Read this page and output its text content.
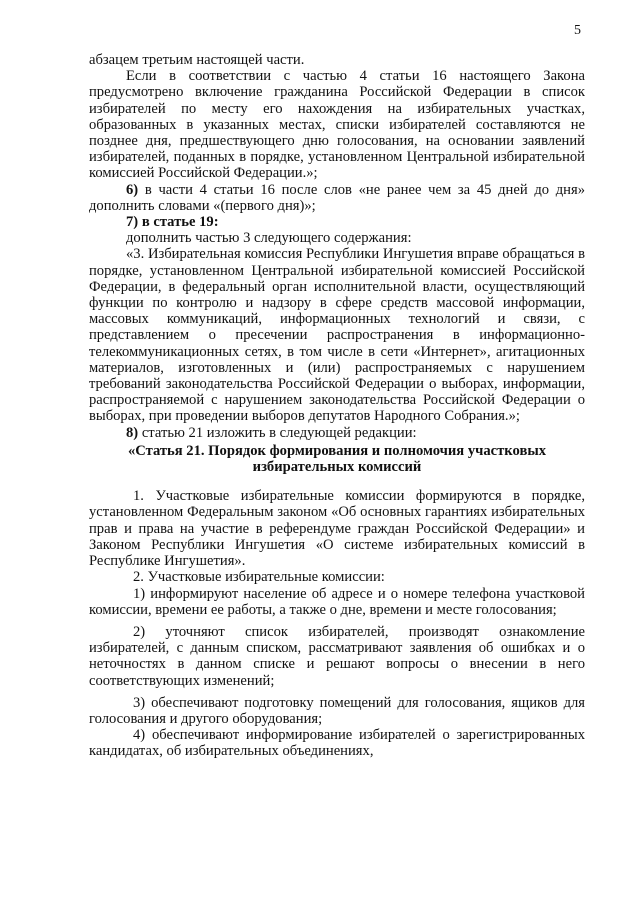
5

абзацем третьим настоящей части.

Если в соответствии с частью 4 статьи 16 настоящего Закона предусмотрено включение гражданина Российской Федерации в список избирателей по месту его нахождения на избирательных участках, образованных в указанных местах, списки избирателей составляются не позднее дня, предшествующего дню голосования, на основании заявлений избирателей, поданных в порядке, установленном Центральной избирательной комиссией Российской Федерации.»;

6) в части 4 статьи 16 после слов «не ранее чем за 45 дней до дня» дополнить словами «(первого дня)»;

7) в статье 19:

дополнить частью 3 следующего содержания:

«3. Избирательная комиссия Республики Ингушетия вправе обращаться в порядке, установленном Центральной избирательной комиссией Российской Федерации, в федеральный орган исполнительной власти, осуществляющий функции по контролю и надзору в сфере средств массовой информации, массовых коммуникаций, информационных технологий и связи, с представлением о пресечении распространения в информационно-телекоммуникационных сетях, в том числе в сети «Интернет», агитационных материалов, изготовленных и (или) распространяемых с нарушением требований законодательства Российской Федерации о выборах, информации, распространяемой с нарушением законодательства Российской Федерации о выборах, при проведении выборов депутатов Народного Собрания.»;

8) статью 21 изложить в следующей редакции:

«Статья 21. Порядок формирования и полномочия участковых

избирательных комиссий

1. Участковые избирательные комиссии формируются в порядке, установленном Федеральным законом «Об основных гарантиях избирательных прав и права на участие в референдуме граждан Российской Федерации» и Законом Республики Ингушетия «О системе избирательных комиссий в Республике Ингушетия».

2. Участковые избирательные комиссии:

1) информируют население об адресе и о номере телефона участковой комиссии, времени ее работы, а также о дне, времени и месте голосования;

2) уточняют список избирателей, производят ознакомление избирателей, с данным списком, рассматривают заявления об ошибках и о неточностях в данном списке и решают вопросы о внесении в него соответствующих изменений;

3) обеспечивают подготовку помещений для голосования, ящиков для голосования и другого оборудования;

4) обеспечивают информирование избирателей о зарегистрированных кандидатах, об избирательных объединениях,
